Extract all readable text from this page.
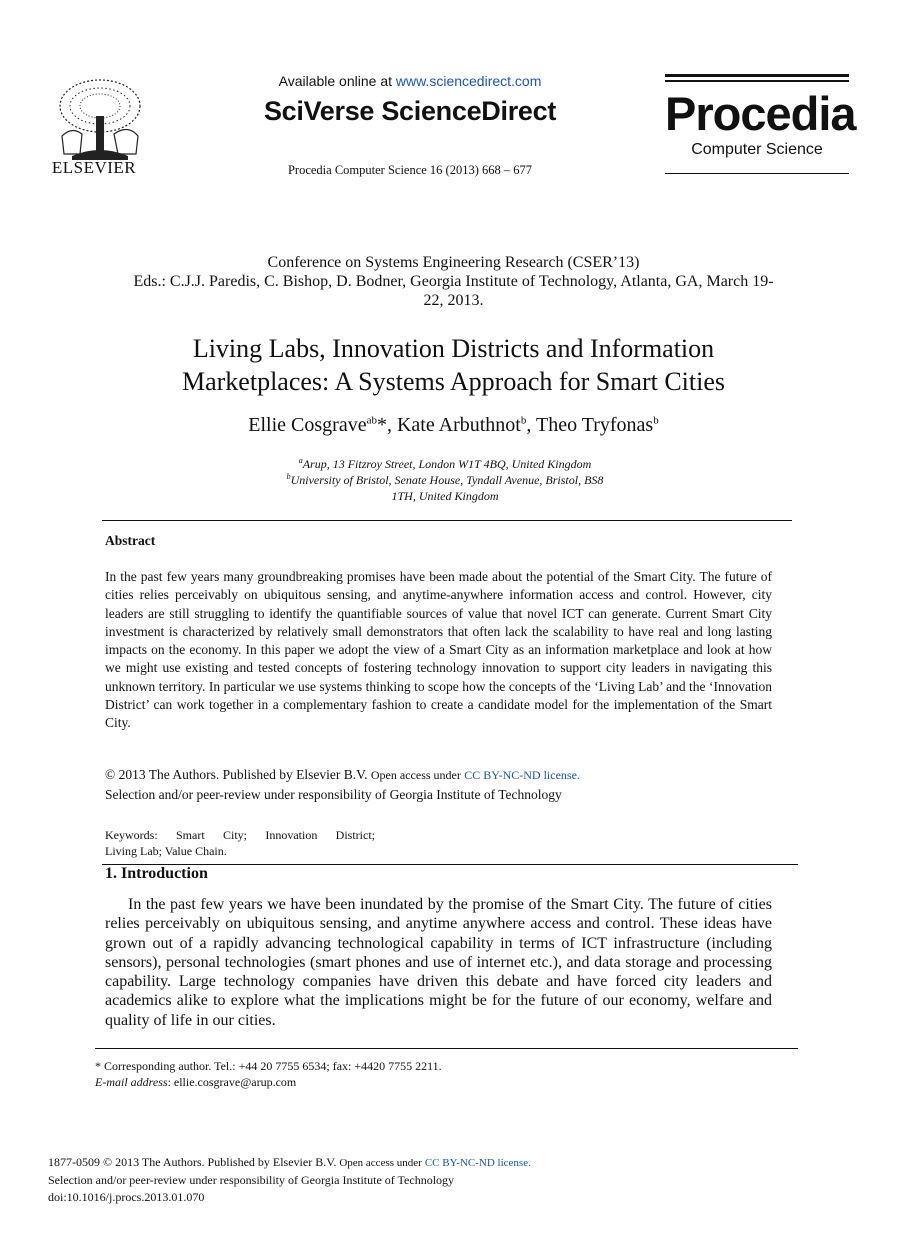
ELSEVIER
Available online at www.sciencedirect.com
SciVerse ScienceDirect
Procedia Computer Science 16 (2013) 668 – 677
Procedia
Computer Science
Conference on Systems Engineering Research (CSER’13)
Eds.: C.J.J. Paredis, C. Bishop, D. Bodner, Georgia Institute of Technology, Atlanta, GA, March 19-
22, 2013.
Living Labs, Innovation Districts and Information
Marketplaces: A Systems Approach for Smart Cities
Ellie Cosgrave$^{ab}$*, Kate Arbuthnot$^b$, Theo Tryfonas$^b$
$^a$Arup, 13 Fitzroy Street, London W1T 4BQ, United Kingdom
$^b$University of Bristol, Senate House, Tyndall Avenue, Bristol, BS8
1TH, United Kingdom
Abstract
In the past few years many groundbreaking promises have been made about the potential of the Smart City. The future of cities relies perceivably on ubiquitous sensing, and anytime-anywhere information access and control. However, city leaders are still struggling to identify the quantifiable sources of value that novel ICT can generate. Current Smart City investment is characterized by relatively small demonstrators that often lack the scalability to have real and long lasting impacts on the economy. In this paper we adopt the view of a Smart City as an information marketplace and look at how we might use existing and tested concepts of fostering technology innovation to support city leaders in navigating this unknown territory. In particular we use systems thinking to scope how the concepts of the ‘Living Lab’ and the ‘Innovation District’ can work together in a complementary fashion to create a candidate model for the implementation of the Smart City.
© 2013 The Authors. Published by Elsevier B.V. Open access under CC BY-NC-ND license.
Selection and/or peer-review under responsibility of Georgia Institute of Technology
Keywords: Smart City; Innovation District;
Living Lab; Value Chain.
1. Introduction
In the past few years we have been inundated by the promise of the Smart City. The future of cities relies perceivably on ubiquitous sensing, and anytime anywhere access and control. These ideas have grown out of a rapidly advancing technological capability in terms of ICT infrastructure (including sensors), personal technologies (smart phones and use of internet etc.), and data storage and processing capability. Large technology companies have driven this debate and have forced city leaders and academics alike to explore what the implications might be for the future of our economy, welfare and quality of life in our cities.
* Corresponding author. Tel.: +44 20 7755 6534; fax: +4420 7755 2211.
E-mail address: ellie.cosgrave@arup.com
1877-0509 © 2013 The Authors. Published by Elsevier B.V. Open access under CC BY-NC-ND license.
Selection and/or peer-review under responsibility of Georgia Institute of Technology
doi:10.1016/j.procs.2013.01.070
